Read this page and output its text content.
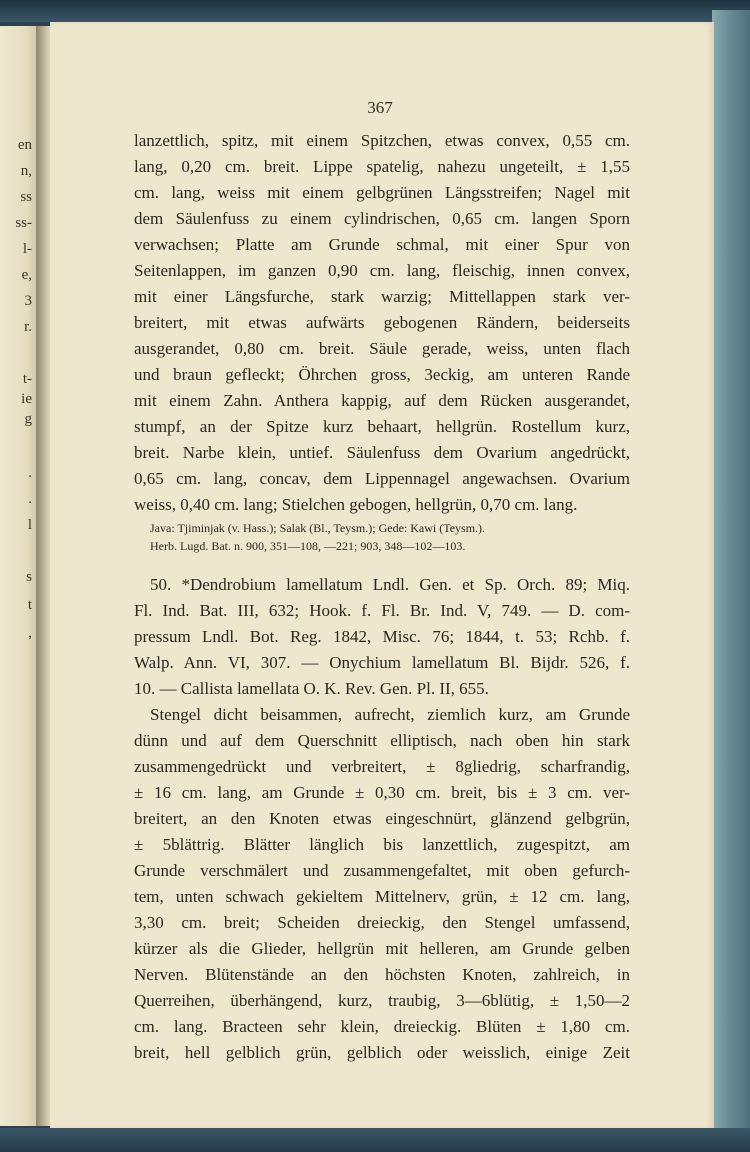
en
n,
ss
ss-
l-
e,
3
r.
t-
ie
g
.
.
l
s
t
,
367
lanzettlich, spitz, mit einem Spitzchen, etwas convex, 0,55 cm.
lang, 0,20 cm. breit. Lippe spatelig, nahezu ungeteilt, ± 1,55
cm. lang, weiss mit einem gelbgrünen Längsstreifen; Nagel mit
dem Säulenfuss zu einem cylindrischen, 0,65 cm. langen Sporn
verwachsen; Platte am Grunde schmal, mit einer Spur von
Seitenlappen, im ganzen 0,90 cm. lang, fleischig, innen convex,
mit einer Längsfurche, stark warzig; Mittellappen stark ver-
breitert, mit etwas aufwärts gebogenen Rändern, beiderseits
ausgerandet, 0,80 cm. breit. Säule gerade, weiss, unten flach
und braun gefleckt; Öhrchen gross, 3eckig, am unteren Rande
mit einem Zahn. Anthera kappig, auf dem Rücken ausgerandet,
stumpf, an der Spitze kurz behaart, hellgrün. Rostellum kurz,
breit. Narbe klein, untief. Säulenfuss dem Ovarium angedrückt,
0,65 cm. lang, concav, dem Lippennagel angewachsen. Ovarium
weiss, 0,40 cm. lang; Stielchen gebogen, hellgrün, 0,70 cm. lang.
Java: Tjiminjak (v. Hass.); Salak (Bl., Teysm.); Gede: Kawi (Teysm.).
Herb. Lugd. Bat. n. 900, 351—108, —221; 903, 348—102—103.
50. *Dendrobium lamellatum Lndl. Gen. et Sp. Orch. 89; Miq.
Fl. Ind. Bat. III, 632; Hook. f. Fl. Br. Ind. V, 749. — D. com-
pressum Lndl. Bot. Reg. 1842, Misc. 76; 1844, t. 53; Rchb. f.
Walp. Ann. VI, 307. — Onychium lamellatum Bl. Bijdr. 526, f.
10. — Callista lamellata O. K. Rev. Gen. Pl. II, 655.
Stengel dicht beisammen, aufrecht, ziemlich kurz, am Grunde
dünn und auf dem Querschnitt elliptisch, nach oben hin stark
zusammengedrückt und verbreitert, ± 8gliedrig, scharfrandig,
± 16 cm. lang, am Grunde ± 0,30 cm. breit, bis ± 3 cm. ver-
breitert, an den Knoten etwas eingeschnürt, glänzend gelbgrün,
± 5blättrig. Blätter länglich bis lanzettlich, zugespitzt, am
Grunde verschmälert und zusammengefaltet, mit oben gefurch-
tem, unten schwach gekieltem Mittelnerv, grün, ± 12 cm. lang,
3,30 cm. breit; Scheiden dreieckig, den Stengel umfassend,
kürzer als die Glieder, hellgrün mit helleren, am Grunde gelben
Nerven. Blütenstände an den höchsten Knoten, zahlreich, in
Querreihen, überhängend, kurz, traubig, 3—6blütig, ± 1,50—2
cm. lang. Bracteen sehr klein, dreieckig. Blüten ± 1,80 cm.
breit, hell gelblich grün, gelblich oder weisslich, einige Zeit
